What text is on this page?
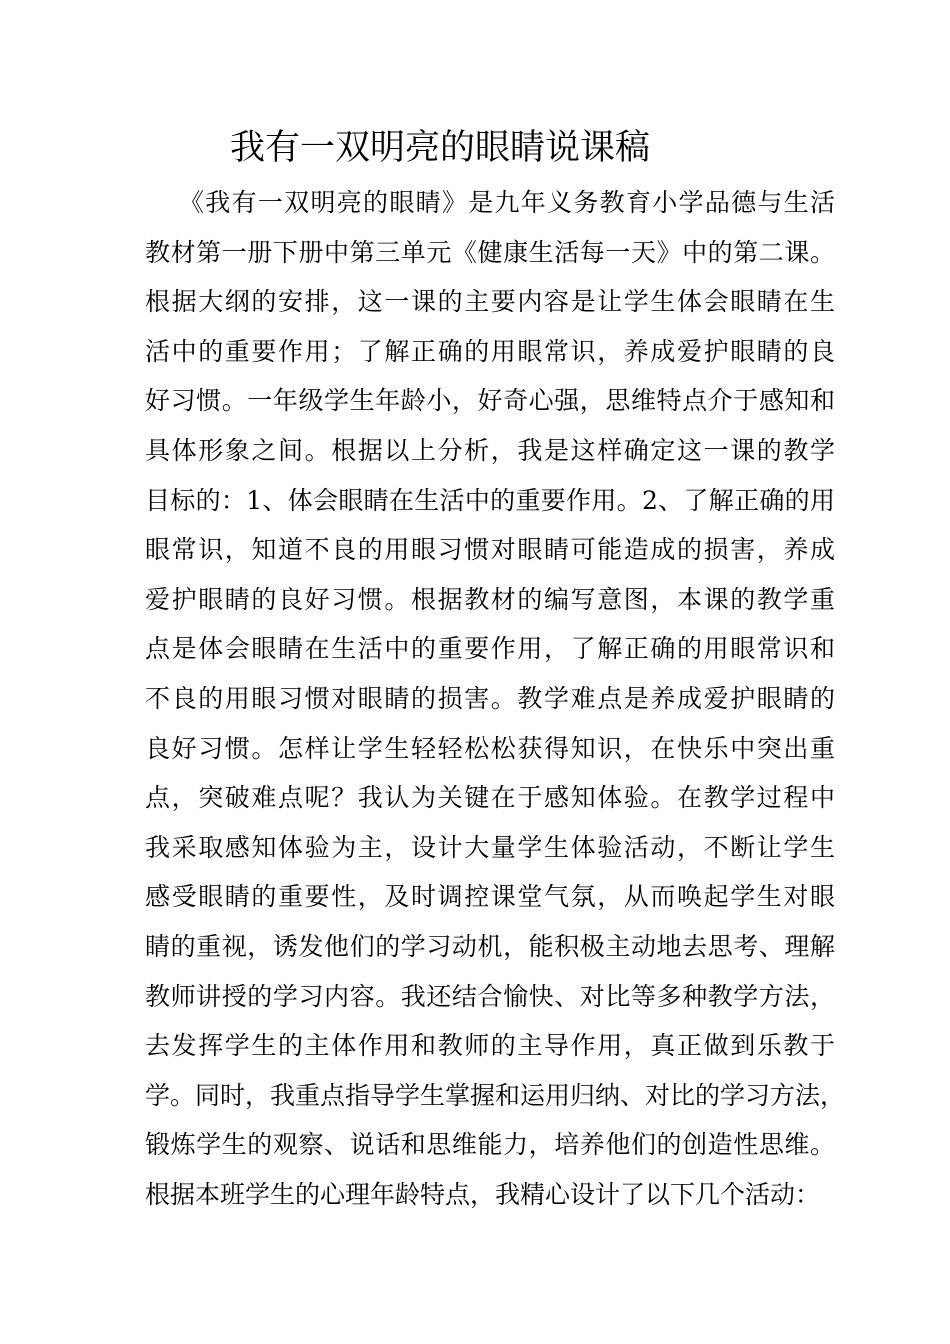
我有一双明亮的眼睛说课稿
《我有一双明亮的眼睛》是九年义务教育小学品德与生活
教材第一册下册中第三单元《健康生活每一天》中的第二课。
根据大纲的安排，这一课的主要内容是让学生体会眼睛在生
活中的重要作用；了解正确的用眼常识，养成爱护眼睛的良
好习惯。一年级学生年龄小，好奇心强，思维特点介于感知和
具体形象之间。根据以上分析，我是这样确定这一课的教学
目标的：1、体会眼睛在生活中的重要作用。2、了解正确的用
眼常识，知道不良的用眼习惯对眼睛可能造成的损害，养成
爱护眼睛的良好习惯。根据教材的编写意图，本课的教学重
点是体会眼睛在生活中的重要作用，了解正确的用眼常识和
不良的用眼习惯对眼睛的损害。教学难点是养成爱护眼睛的
良好习惯。怎样让学生轻轻松松获得知识，在快乐中突出重
点，突破难点呢？我认为关键在于感知体验。在教学过程中
我采取感知体验为主，设计大量学生体验活动，不断让学生
感受眼睛的重要性，及时调控课堂气氛，从而唤起学生对眼
睛的重视，诱发他们的学习动机，能积极主动地去思考、理解
教师讲授的学习内容。我还结合愉快、对比等多种教学方法，
去发挥学生的主体作用和教师的主导作用，真正做到乐教于
学。同时，我重点指导学生掌握和运用归纳、对比的学习方法，
锻炼学生的观察、说话和思维能力，培养他们的创造性思维。
根据本班学生的心理年龄特点，我精心设计了以下几个活动：
